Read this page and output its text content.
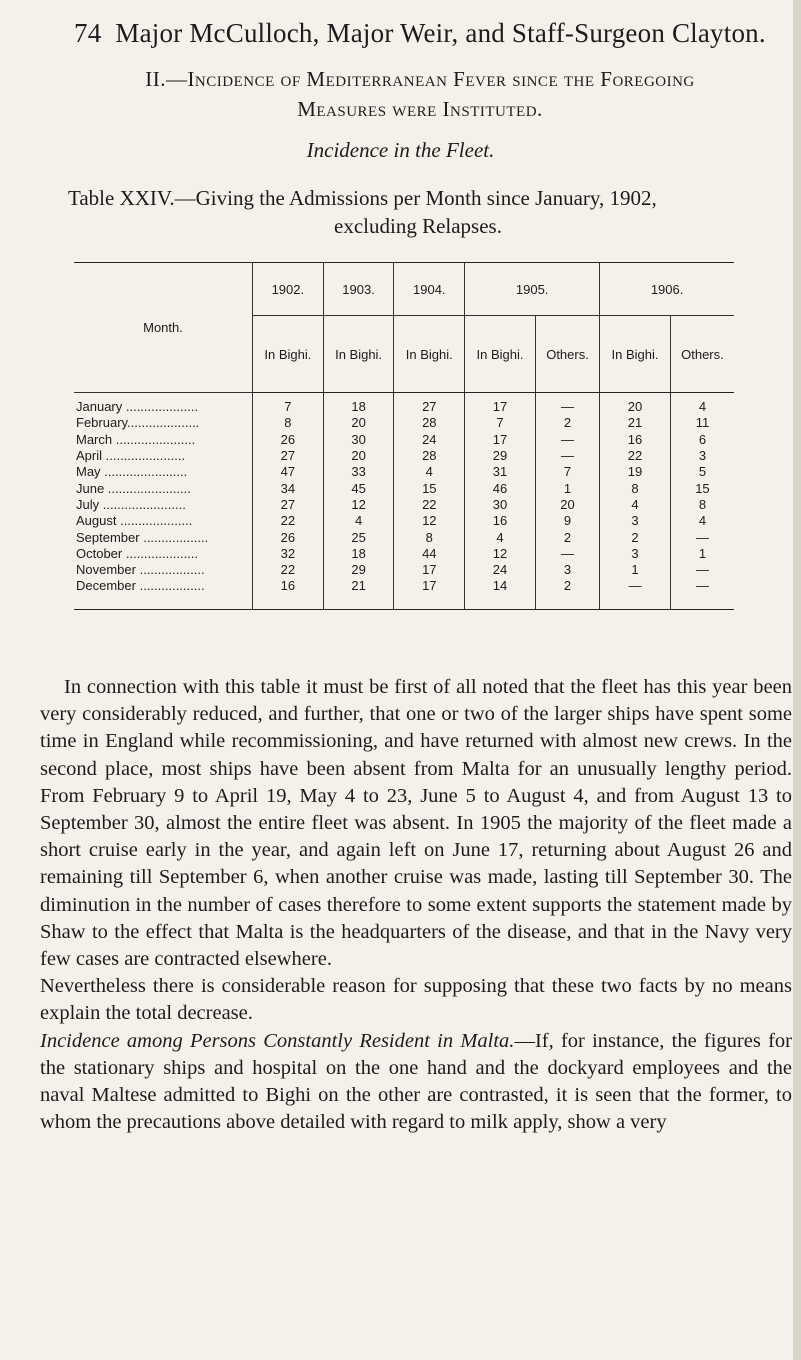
74 Major McCulloch, Major Weir, and Staff-Surgeon Clayton.
II.—Incidence of Mediterranean Fever since the Foregoing
Measures were Instituted.
Incidence in the Fleet.
Table XXIV.—Giving the Admissions per Month since January, 1902,
excluding Relapses.
Month.	1902.	1903.	1904.	1905.		1906.	
	In Bighi.	In Bighi.	In Bighi.	In Bighi.	Others.	In Bighi.	Others.
January ....................	7	18	27	17	—	20	4
February....................	8	20	28	7	2	21	11
March ......................	26	30	24	17	—	16	6
April ......................	27	20	28	29	—	22	3
May .......................	47	33	4	31	7	19	5
June .......................	34	45	15	46	1	8	15
July .......................	27	12	22	30	20	4	8
August ....................	22	4	12	16	9	3	4
September ..................	26	25	8	4	2	2	—
October ....................	32	18	44	12	—	3	1
November ..................	22	29	17	24	3	1	—
December ..................	16	21	17	14	2	—	—

In connection with this table it must be first of all noted that the fleet has this year been very considerably reduced, and further, that one or two of the larger ships have spent some time in England while recommissioning, and have returned with almost new crews. In the second place, most ships have been absent from Malta for an unusually lengthy period. From February 9 to April 19, May 4 to 23, June 5 to August 4, and from August 13 to September 30, almost the entire fleet was absent. In 1905 the majority of the fleet made a short cruise early in the year, and again left on June 17, returning about August 26 and remaining till September 6, when another cruise was made, lasting till September 30. The diminution in the number of cases therefore to some extent supports the statement made by Shaw to the effect that Malta is the headquarters of the disease, and that in the Navy very few cases are contracted elsewhere.

Nevertheless there is considerable reason for supposing that these two facts by no means explain the total decrease.

Incidence among Persons Constantly Resident in Malta.—If, for instance, the figures for the stationary ships and hospital on the one hand and the dockyard employees and the naval Maltese admitted to Bighi on the other are contrasted, it is seen that the former, to whom the precautions above detailed with regard to milk apply, show a very
